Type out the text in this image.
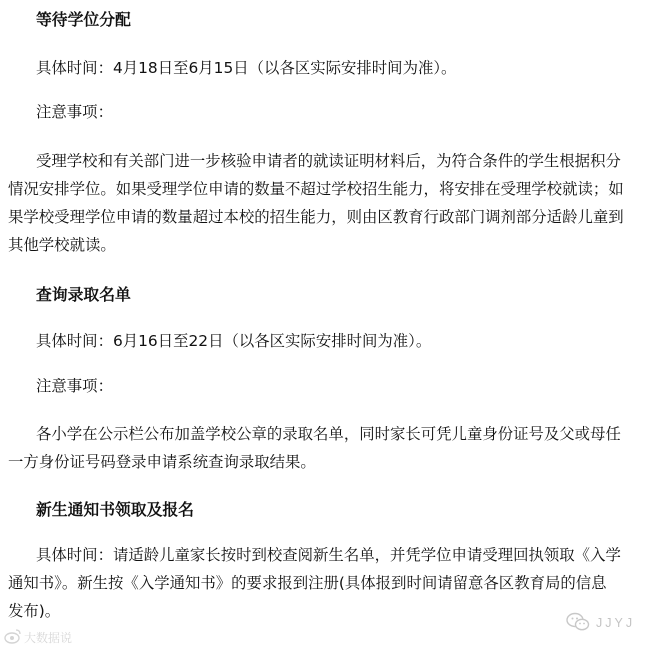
等待学位分配
具体时间：4月18日至6月15日（以各区实际安排时间为准）。
注意事项：
受理学校和有关部门进一步核验申请者的就读证明材料后，为符合条件的学生根据积分
情况安排学位。如果受理学位申请的数量不超过学校招生能力，将安排在受理学校就读；如
果学校受理学位申请的数量超过本校的招生能力，则由区教育行政部门调剂部分适龄儿童到
其他学校就读。
查询录取名单
具体时间：6月16日至22日（以各区实际安排时间为准）。
注意事项：
各小学在公示栏公布加盖学校公章的录取名单，同时家长可凭儿童身份证号及父或母任
一方身份证号码登录申请系统查询录取结果。
新生通知书领取及报名
具体时间：请适龄儿童家长按时到校查阅新生名单，并凭学位申请受理回执领取《入学
通知书》。新生按《入学通知书》的要求报到注册(具体报到时间请留意各区教育局的信息
发布)。
大数据说
JJYJ
